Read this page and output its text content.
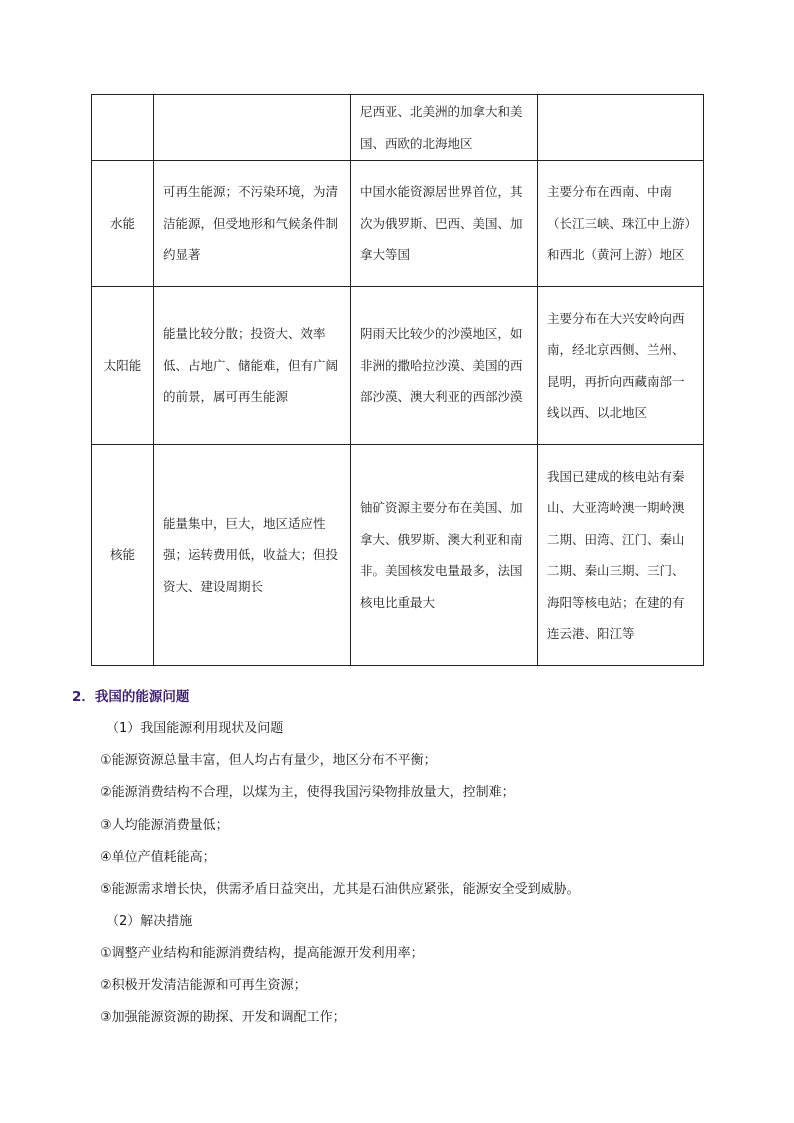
		尼西亚、北美洲的加拿大和美国、西欧的北海地区	
水能	可再生能源；不污染环境，为清洁能源，但受地形和气候条件制约显著	中国水能资源居世界首位，其次为俄罗斯、巴西、美国、加拿大等国	主要分布在西南、中南（长江三峡、珠江中上游）和西北（黄河上游）地区
太阳能	能量比较分散；投资大、效率低、占地广、储能难，但有广阔的前景，属可再生能源	阴雨天比较少的沙漠地区，如非洲的撒哈拉沙漠、美国的西部沙漠、澳大利亚的西部沙漠	主要分布在大兴安岭向西南，经北京西侧、兰州、昆明，再折向西藏南部一线以西、以北地区
核能	能量集中，巨大，地区适应性强；运转费用低，收益大；但投资大、建设周期长	铀矿资源主要分布在美国、加拿大、俄罗斯、澳大利亚和南非。美国核发电量最多，法国核电比重最大	我国已建成的核电站有秦山、大亚湾岭澳一期岭澳二期、田湾、江门、秦山二期、秦山三期、三门、海阳等核电站；在建的有连云港、阳江等
2．我国的能源问题

（1）我国能源利用现状及问题

①能源资源总量丰富，但人均占有量少，地区分布不平衡；

②能源消费结构不合理，以煤为主，使得我国污染物排放量大，控制难；

③人均能源消费量低；

④单位产值耗能高；

⑤能源需求增长快，供需矛盾日益突出，尤其是石油供应紧张，能源安全受到威胁。

（2）解决措施

①调整产业结构和能源消费结构，提高能源开发利用率；

②积极开发清洁能源和可再生资源；

③加强能源资源的勘探、开发和调配工作；
